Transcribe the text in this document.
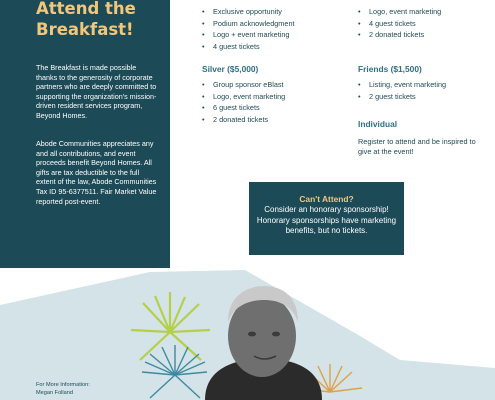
Attend the
Breakfast!

The Breakfast is made possible thanks to the generosity of corporate partners who are deeply committed to supporting the organization's mission-driven resident services program, Beyond Homes.

Abode Communities appreciates any and all contributions, and event proceeds benefit Beyond Homes. All gifts are tax deductible to the full extent of the law, Abode Communities Tax ID 95-6377511. Fair Market Value reported post-event.

• Exclusive opportunity
• Podium acknowledgment
• Logo + event marketing
• 4 guest tickets
Silver ($5,000)
• Group sponsor eBlast
• Logo, event marketing
• 6 guest tickets
• 2 donated tickets
• Logo, event marketing
• 4 guest tickets
• 2 donated tickets
Friends ($1,500)
• Listing, event marketing
• 2 guest tickets
Individual

Register to attend and be inspired to give at the event!

Can't Attend?
Consider an honorary sponsorship! Honorary sponsorships have marketing benefits, but no tickets.

For More Information:
Megan Folland
